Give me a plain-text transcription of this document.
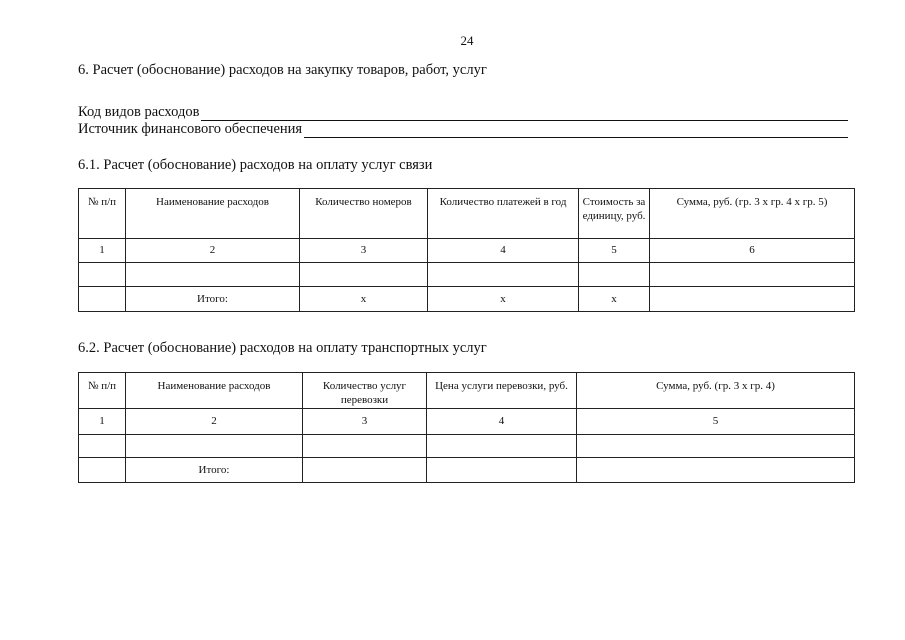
24
6. Расчет (обоснование) расходов на закупку товаров, работ, услуг
Код видов расходов
Источник финансового обеспечения
6.1. Расчет (обоснование) расходов на оплату услуг связи
№ п/п	Наименование расходов	Количество номеров	Количество платежей в год	Стоимость за единицу, руб.	Сумма, руб. (гр. 3 x гр. 4 x гр. 5)
1	2	3	4	5	6

	Итого:	x	x	x	
6.2. Расчет (обоснование) расходов на оплату транспортных услуг
№ п/п	Наименование расходов	Количество услуг перевозки	Цена услуги перевозки, руб.	Сумма, руб. (гр. 3 x гр. 4)
1	2	3	4	5

	Итого:			
